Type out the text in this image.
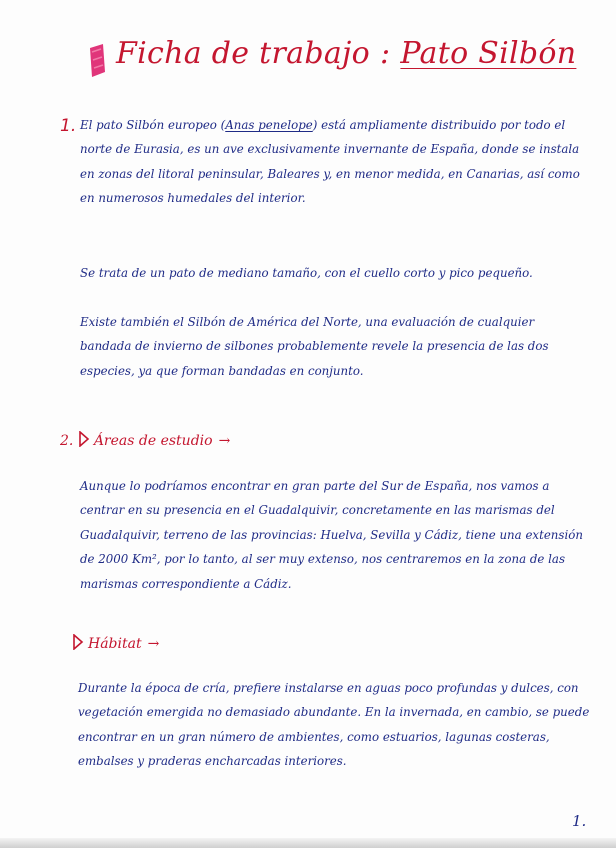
Ficha de trabajo : Pato Silbón
1. El pato Silbón europeo (Anas penelope) está ampliamente distribuido por todo el norte de Eurasia, es un ave exclusivamente invernante de España, donde se instala en zonas del litoral peninsular, Baleares y, en menor medida, en Canarias, así como en numerosos humedales del interior.

Se trata de un pato de mediano tamaño, con el cuello corto y pico pequeño.

Existe también el Silbón de América del Norte, una evaluación de cualquier bandada de invierno de silbones probablemente revele la presencia de las dos especies, ya que forman bandadas en conjunto.

2. Áreas de estudio →

Aunque lo podríamos encontrar en gran parte del Sur de España, nos vamos a centrar en su presencia en el Guadalquivir, concretamente en las marismas del Guadalquivir, terreno de las provincias: Huelva, Sevilla y Cádiz, tiene una extensión de 2000 Km², por lo tanto, al ser muy extenso, nos centraremos en la zona de las marismas correspondiente a Cádiz.

Hábitat →

Durante la época de cría, prefiere instalarse en aguas poco profundas y dulces, con vegetación emergida no demasiado abundante. En la invernada, en cambio, se puede encontrar en un gran número de ambientes, como estuarios, lagunas costeras, embalses y praderas encharcadas interiores.

1.
